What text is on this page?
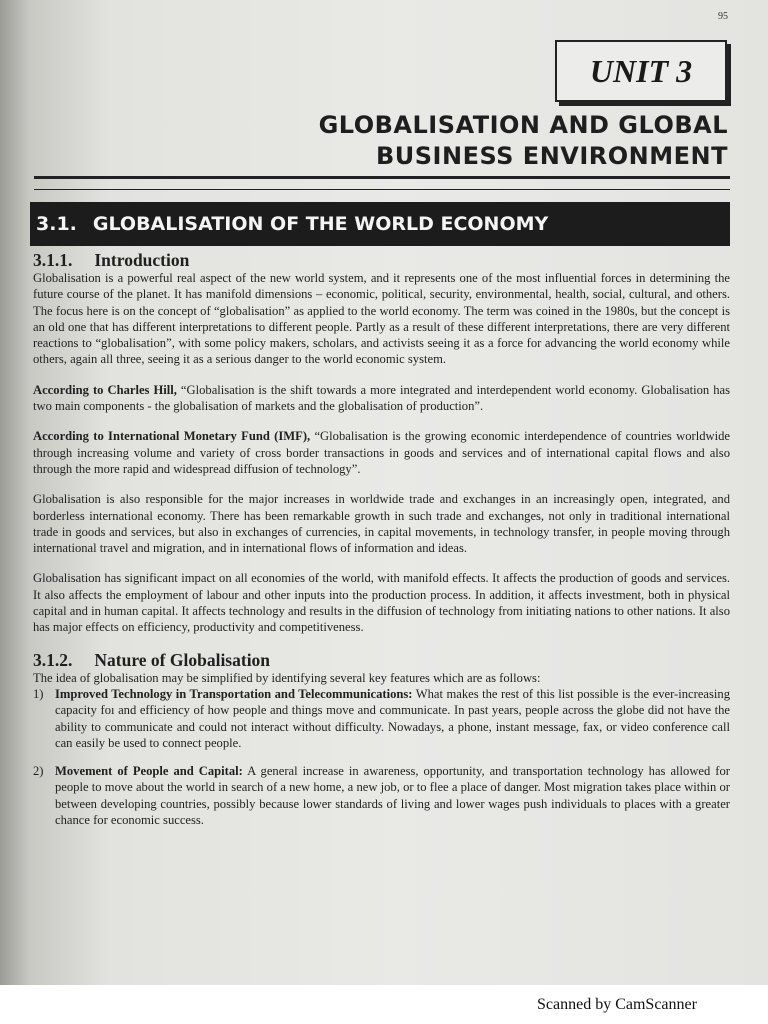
95
UNIT 3
GLOBALISATION AND GLOBAL
BUSINESS ENVIRONMENT
3.1. GLOBALISATION OF THE WORLD ECONOMY
3.1.1. Introduction

Globalisation is a powerful real aspect of the new world system, and it represents one of the most influential forces in determining the future course of the planet. It has manifold dimensions – economic, political, security, environmental, health, social, cultural, and others. The focus here is on the concept of “globalisation” as applied to the world economy. The term was coined in the 1980s, but the concept is an old one that has different interpretations to different people. Partly as a result of these different interpretations, there are very different reactions to “globalisation”, with some policy makers, scholars, and activists seeing it as a force for advancing the world economy while others, again all three, seeing it as a serious danger to the world economic system.

According to Charles Hill, “Globalisation is the shift towards a more integrated and interdependent world economy. Globalisation has two main components - the globalisation of markets and the globalisation of production”.

According to International Monetary Fund (IMF), “Globalisation is the growing economic interdependence of countries worldwide through increasing volume and variety of cross border transactions in goods and services and of international capital flows and also through the more rapid and widespread diffusion of technology”.

Globalisation is also responsible for the major increases in worldwide trade and exchanges in an increasingly open, integrated, and borderless international economy. There has been remarkable growth in such trade and exchanges, not only in traditional international trade in goods and services, but also in exchanges of currencies, in capital movements, in technology transfer, in people moving through international travel and migration, and in international flows of information and ideas.

Globalisation has significant impact on all economies of the world, with manifold effects. It affects the production of goods and services. It also affects the employment of labour and other inputs into the production process. In addition, it affects investment, both in physical capital and in human capital. It affects technology and results in the diffusion of technology from initiating nations to other nations. It also has major effects on efficiency, productivity and competitiveness.

3.1.2. Nature of Globalisation
The idea of globalisation may be simplified by identifying several key features which are as follows:
1) Improved Technology in Transportation and Telecommunications: What makes the rest of this list possible is the ever-increasing capacity foı and efficiency of how people and things move and communicate. In past years, people across the globe did not have the ability to communicate and could not interact without difficulty. Nowadays, a phone, instant message, fax, or video conference call can easily be used to connect people.
2) Movement of People and Capital: A general increase in awareness, opportunity, and transportation technology has allowed for people to move about the world in search of a new home, a new job, or to flee a place of danger. Most migration takes place within or between developing countries, possibly because lower standards of living and lower wages push individuals to places with a greater chance for economic success.
Scanned by CamScanner
